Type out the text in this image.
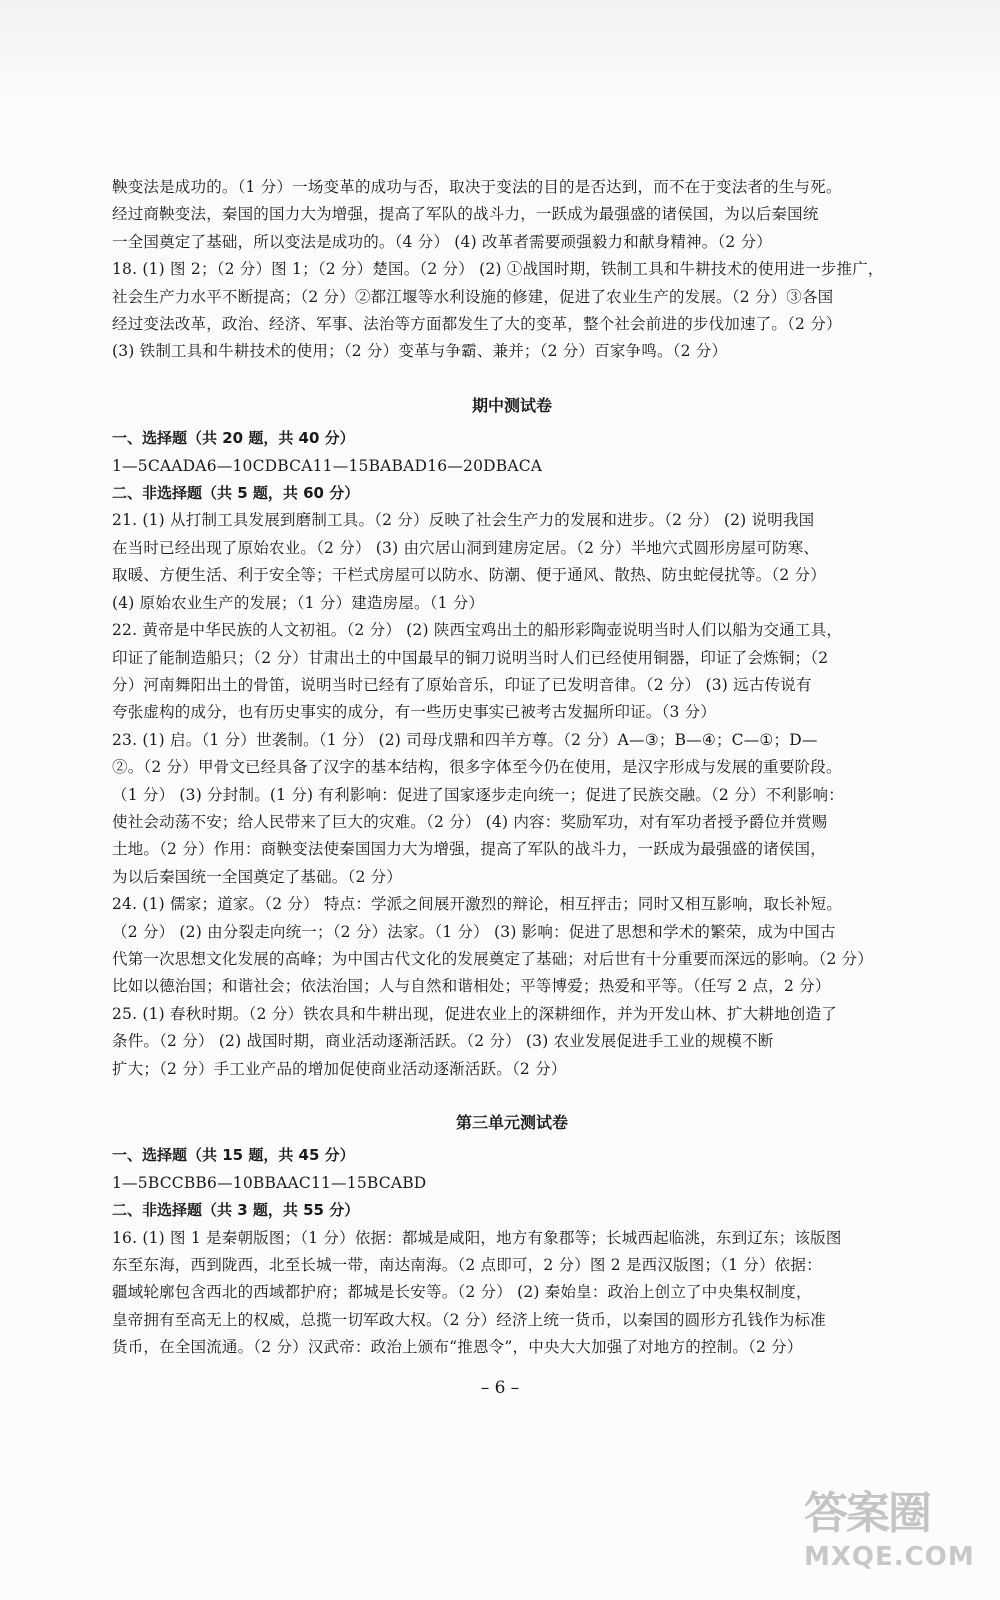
鞅变法是成功的。（1 分）一场变革的成功与否，取决于变法的目的是否达到，而不在于变法者的生与死。
经过商鞅变法，秦国的国力大为增强，提高了军队的战斗力，一跃成为最强盛的诸侯国，为以后秦国统
一全国奠定了基础，所以变法是成功的。（4 分） (4) 改革者需要顽强毅力和献身精神。（2 分）
18. (1) 图 2；（2 分）图 1；（2 分）楚国。（2 分） (2) ①战国时期，铁制工具和牛耕技术的使用进一步推广，
社会生产力水平不断提高；（2 分）②都江堰等水利设施的修建，促进了农业生产的发展。（2 分）③各国
经过变法改革，政治、经济、军事、法治等方面都发生了大的变革，整个社会前进的步伐加速了。（2 分）
(3) 铁制工具和牛耕技术的使用；（2 分）变革与争霸、兼并；（2 分）百家争鸣。（2 分）
期中测试卷
一、选择题（共 20 题，共 40 分）
1—5CAADA6—10CDBCA11—15BABAD16—20DBACA
二、非选择题（共 5 题，共 60 分）
21. (1) 从打制工具发展到磨制工具。（2 分）反映了社会生产力的发展和进步。（2 分） (2) 说明我国
在当时已经出现了原始农业。（2 分） (3) 由穴居山洞到建房定居。（2 分）半地穴式圆形房屋可防寒、
取暖、方便生活、利于安全等；干栏式房屋可以防水、防潮、便于通风、散热、防虫蛇侵扰等。（2 分）
(4) 原始农业生产的发展；（1 分）建造房屋。（1 分）
22. 黄帝是中华民族的人文初祖。（2 分） (2) 陕西宝鸡出土的船形彩陶壶说明当时人们以船为交通工具，
印证了能制造船只；（2 分）甘肃出土的中国最早的铜刀说明当时人们已经使用铜器，印证了会炼铜；（2
分）河南舞阳出土的骨笛，说明当时已经有了原始音乐，印证了已发明音律。（2 分） (3) 远古传说有
夸张虚构的成分，也有历史事实的成分，有一些历史事实已被考古发掘所印证。（3 分）
23. (1) 启。（1 分）世袭制。（1 分） (2) 司母戊鼎和四羊方尊。（2 分）A—③；B—④；C—①；D—
②。（2 分）甲骨文已经具备了汉字的基本结构，很多字体至今仍在使用，是汉字形成与发展的重要阶段。
（1 分） (3) 分封制。(1 分) 有利影响：促进了国家逐步走向统一；促进了民族交融。（2 分）不利影响：
使社会动荡不安；给人民带来了巨大的灾难。（2 分） (4) 内容：奖励军功，对有军功者授予爵位并赏赐
土地。（2 分）作用：商鞅变法使秦国国力大为增强，提高了军队的战斗力，一跃成为最强盛的诸侯国，
为以后秦国统一全国奠定了基础。（2 分）
24. (1) 儒家；道家。（2 分） 特点：学派之间展开激烈的辩论，相互抨击；同时又相互影响，取长补短。
（2 分） (2) 由分裂走向统一；（2 分）法家。（1 分） (3) 影响：促进了思想和学术的繁荣，成为中国古
代第一次思想文化发展的高峰；为中国古代文化的发展奠定了基础；对后世有十分重要而深远的影响。（2 分）
比如以德治国；和谐社会；依法治国；人与自然和谐相处；平等博爱；热爱和平等。（任写 2 点，2 分）
25. (1) 春秋时期。（2 分）铁农具和牛耕出现，促进农业上的深耕细作，并为开发山林、扩大耕地创造了
条件。（2 分） (2) 战国时期，商业活动逐渐活跃。（2 分） (3) 农业发展促进手工业的规模不断
扩大；（2 分）手工业产品的增加促使商业活动逐渐活跃。（2 分）
第三单元测试卷
一、选择题（共 15 题，共 45 分）
1—5BCCBB6—10BBAAC11—15BCABD
二、非选择题（共 3 题，共 55 分）
16. (1) 图 1 是秦朝版图；（1 分）依据：都城是咸阳，地方有象郡等；长城西起临洮，东到辽东；该版图
东至东海，西到陇西，北至长城一带，南达南海。（2 点即可，2 分）图 2 是西汉版图；（1 分）依据：
疆域轮廓包含西北的西域都护府；都城是长安等。（2 分） (2) 秦始皇：政治上创立了中央集权制度，
皇帝拥有至高无上的权威，总揽一切军政大权。（2 分）经济上统一货币，以秦国的圆形方孔钱作为标准
货币，在全国流通。（2 分）汉武帝：政治上颁布“推恩令”，中央大大加强了对地方的控制。（2 分）
– 6 –
答案圈
MXQE.COM
